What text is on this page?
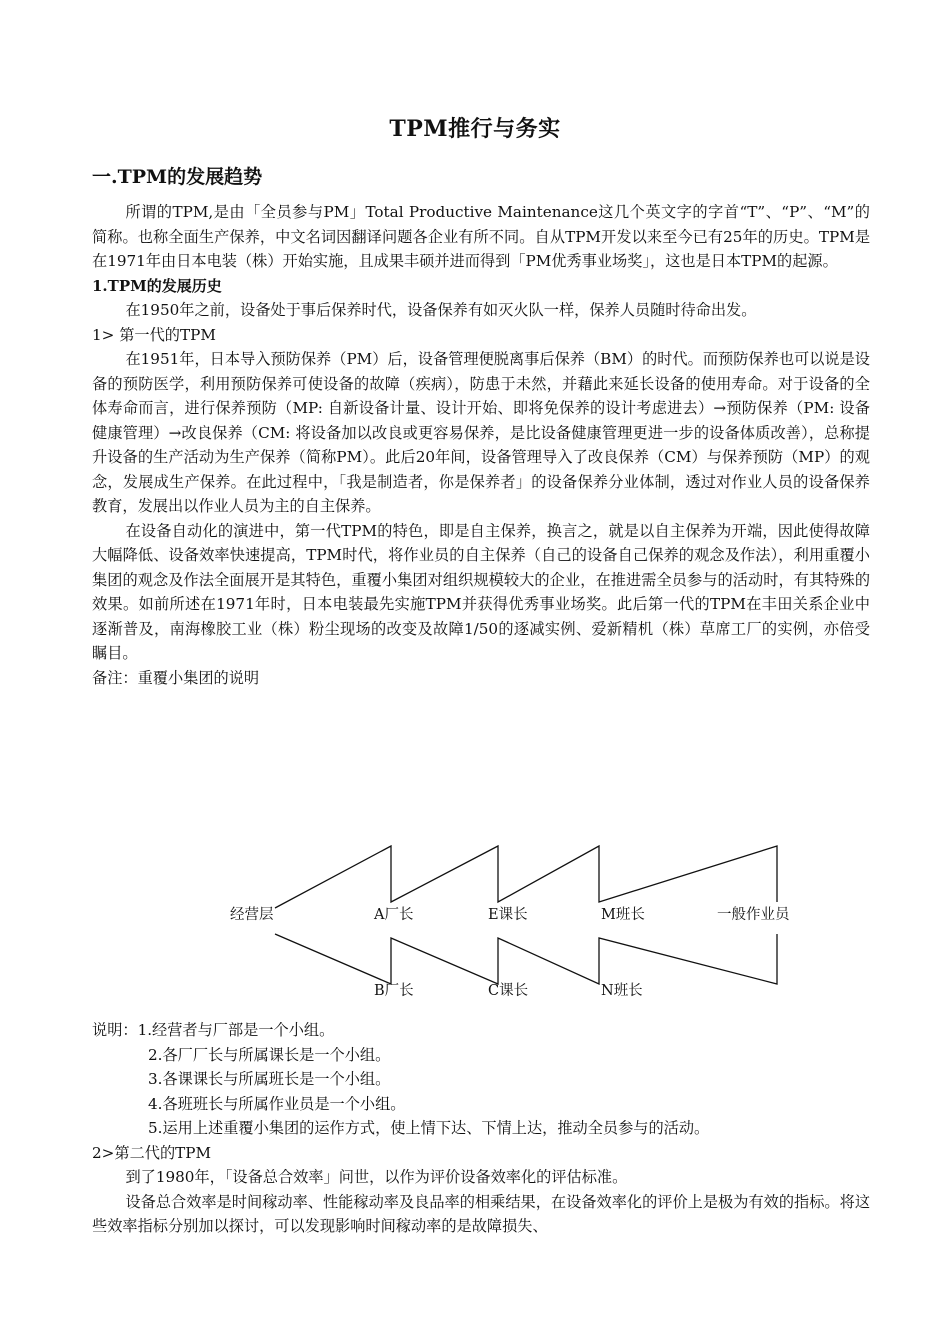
TPM推行与务实
一.TPM的发展趋势

所谓的TPM,是由「全员参与PM」Total Productive Maintenance这几个英文字的字首“T”、“P”、“M”的简称。也称全面生产保养，中文名词因翻译问题各企业有所不同。自从TPM开发以来至今已有25年的历史。TPM是在1971年由日本电装（株）开始实施，且成果丰硕并进而得到「PM优秀事业场奖」，这也是日本TPM的起源。

1.TPM的发展历史

在1950年之前，设备处于事后保养时代，设备保养有如灭火队一样，保养人员随时待命出发。

1> 第一代的TPM

在1951年，日本导入预防保养（PM）后，设备管理便脱离事后保养（BM）的时代。而预防保养也可以说是设备的预防医学，利用预防保养可使设备的故障（疾病），防患于未然，并藉此来延长设备的使用寿命。对于设备的全体寿命而言，进行保养预防（MP: 自新设备计量、设计开始、即将免保养的设计考虑进去）→预防保养（PM: 设备健康管理）→改良保养（CM: 将设备加以改良或更容易保养，是比设备健康管理更进一步的设备体质改善），总称提升设备的生产活动为生产保养（简称PM）。此后20年间，设备管理导入了改良保养（CM）与保养预防（MP）的观念，发展成生产保养。在此过程中，「我是制造者，你是保养者」的设备保养分业体制，透过对作业人员的设备保养教育，发展出以作业人员为主的自主保养。

在设备自动化的演进中，第一代TPM的特色，即是自主保养，换言之，就是以自主保养为开端，因此使得故障大幅降低、设备效率快速提高，TPM时代，将作业员的自主保养（自己的设备自己保养的观念及作法），利用重覆小集团的观念及作法全面展开是其特色，重覆小集团对组织规模较大的企业，在推进需全员参与的活动时，有其特殊的效果。如前所述在1971年时，日本电装最先实施TPM并获得优秀事业场奖。此后第一代的TPM在丰田关系企业中逐渐普及，南海橡胶工业（株）粉尘现场的改变及故障1/50的逐减实例、爱新精机（株）草席工厂的实例，亦倍受瞩目。

备注：重覆小集团的说明

经营层	A厂长	E课长	M班长	一般作业员
B厂长	C课长	N班长
说明：1.经营者与厂部是一个小组。
2.各厂厂长与所属课长是一个小组。
3.各课课长与所属班长是一个小组。
4.各班班长与所属作业员是一个小组。
5.运用上述重覆小集团的运作方式，使上情下达、下情上达，推动全员参与的活动。

2>第二代的TPM

到了1980年，「设备总合效率」问世，以作为评价设备效率化的评估标准。

设备总合效率是时间稼动率、性能稼动率及良品率的相乘结果，在设备效率化的评价上是极为有效的指标。将这些效率指标分别加以探讨，可以发现影响时间稼动率的是故障损失、
